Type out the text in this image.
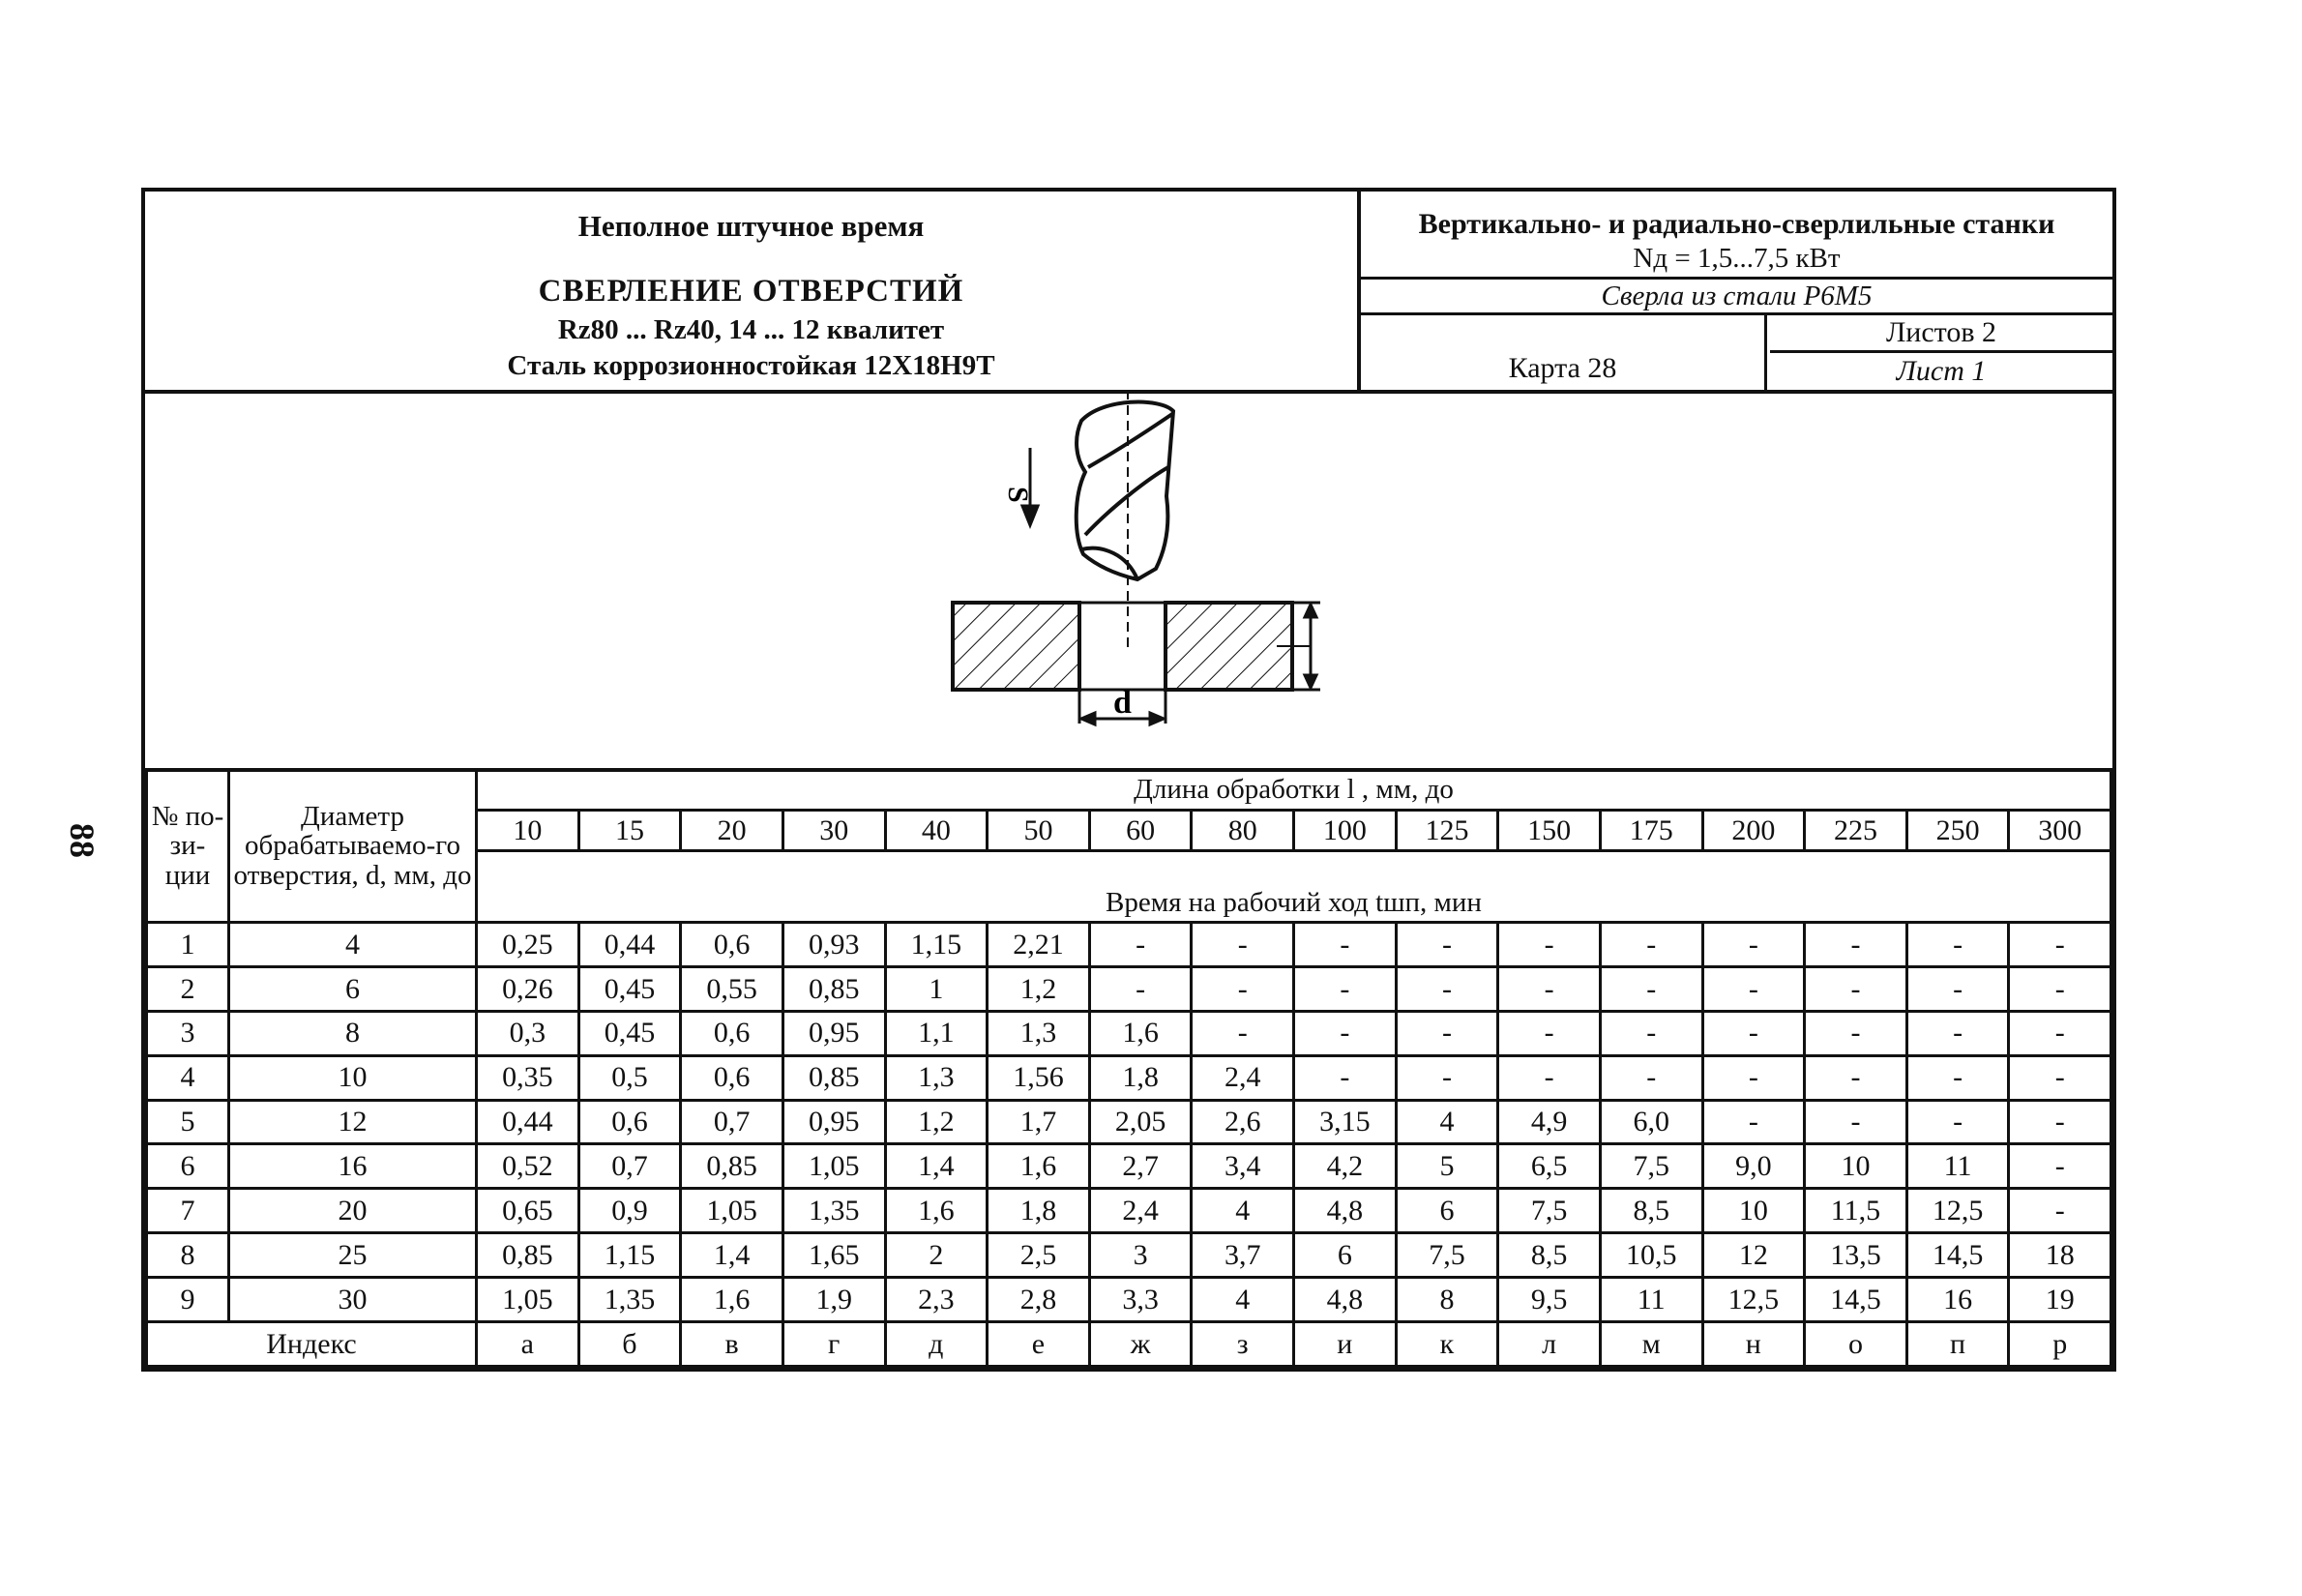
88
Неполное штучное время
СВЕРЛЕНИЕ ОТВЕРСТИЙ
Rz80 ... Rz40, 14 ... 12 квалитет
Сталь коррозионностойкая 12Х18Н9Т
Вертикально- и радиально-сверлильные станки
Nд = 1,5...7,5 кВт
Сверла из стали Р6М5
Карта 28
Листов 2
Лист 1
S
d
№ по-зи-ции	Диаметр обрабатываемо-го отверстия, d, мм, до	Длина обработки l , мм, до															
		10	15	20	30	40	50	60	80	100	125	150	175	200	225	250	300
		Время на рабочий ход tшп, мин															

1	4	0,25	0,44	0,6	0,93	1,15	2,21	-	-	-	-	-	-	-	-	-	-
2	6	0,26	0,45	0,55	0,85	1	1,2	-	-	-	-	-	-	-	-	-	-
3	8	0,3	0,45	0,6	0,95	1,1	1,3	1,6	-	-	-	-	-	-	-	-	-
4	10	0,35	0,5	0,6	0,85	1,3	1,56	1,8	2,4	-	-	-	-	-	-	-	-
5	12	0,44	0,6	0,7	0,95	1,2	1,7	2,05	2,6	3,15	4	4,9	6,0	-	-	-	-
6	16	0,52	0,7	0,85	1,05	1,4	1,6	2,7	3,4	4,2	5	6,5	7,5	9,0	10	11	-
7	20	0,65	0,9	1,05	1,35	1,6	1,8	2,4	4	4,8	6	7,5	8,5	10	11,5	12,5	-
8	25	0,85	1,15	1,4	1,65	2	2,5	3	3,7	6	7,5	8,5	10,5	12	13,5	14,5	18
9	30	1,05	1,35	1,6	1,9	2,3	2,8	3,3	4	4,8	8	9,5	11	12,5	14,5	16	19
Индекс		а	б	в	г	д	е	ж	з	и	к	л	м	н	о	п	р
